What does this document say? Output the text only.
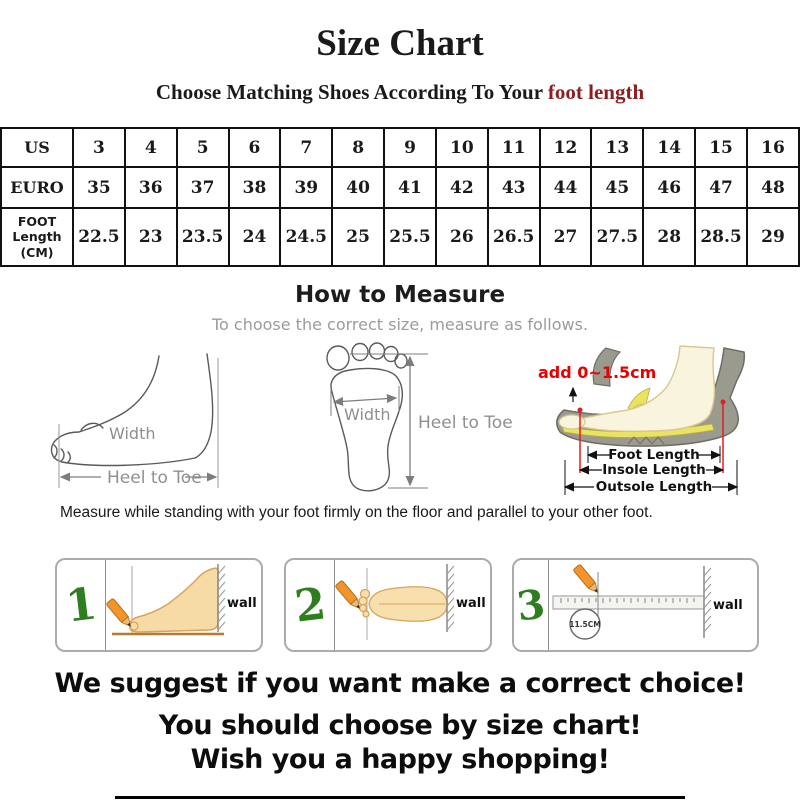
Size Chart
Choose Matching Shoes According To Your foot length
US	3	4	5	6	7	8	9	10	11	12	13	14	15	16
EURO	35	36	37	38	39	40	41	42	43	44	45	46	47	48
FOOT
Length
(CM)	22.5	23	23.5	24	24.5	25	25.5	26	26.5	27	27.5	28	28.5	29
How to Measure
To choose the correct size, measure as follows.
Width
Heel to Toe
Width Heel to Toe
add 0~1.5cm
Foot Length
Insole Length
Outsole Length
Measure while standing with your foot firmly on the floor and parallel to your other foot.
1	wall 2	wall 3	11.5CM
wall
We suggest if you want make a correct choice!
You should choose by size chart!
Wish you a happy shopping!
